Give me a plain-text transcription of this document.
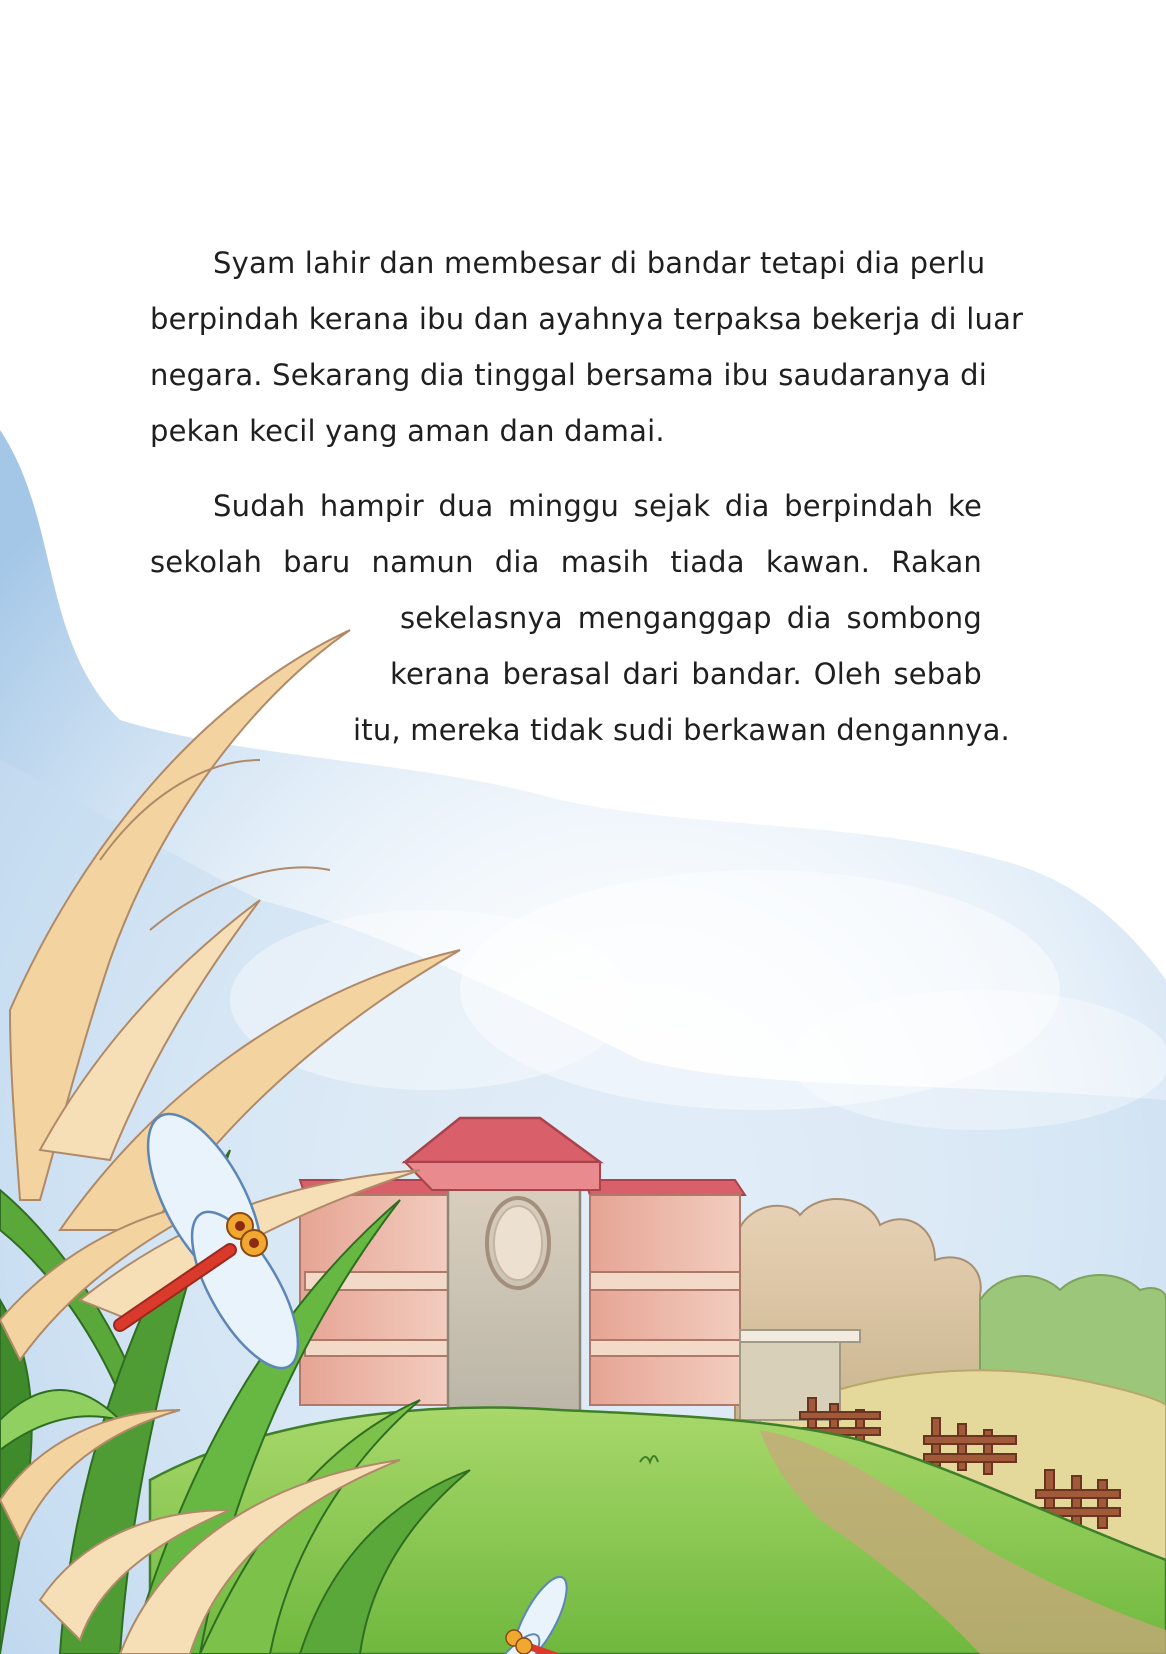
Syam lahir dan membesar di bandar tetapi dia perlu
berpindah kerana ibu dan ayahnya terpaksa bekerja di luar
negara. Sekarang dia tinggal bersama ibu saudaranya di
pekan kecil yang aman dan damai.

Sudah hampir dua minggu sejak dia berpindah ke
sekolah baru namun dia masih tiada kawan. Rakan
sekelasnya menganggap dia sombong
kerana berasal dari bandar. Oleh sebab
itu, mereka tidak sudi berkawan dengannya.
